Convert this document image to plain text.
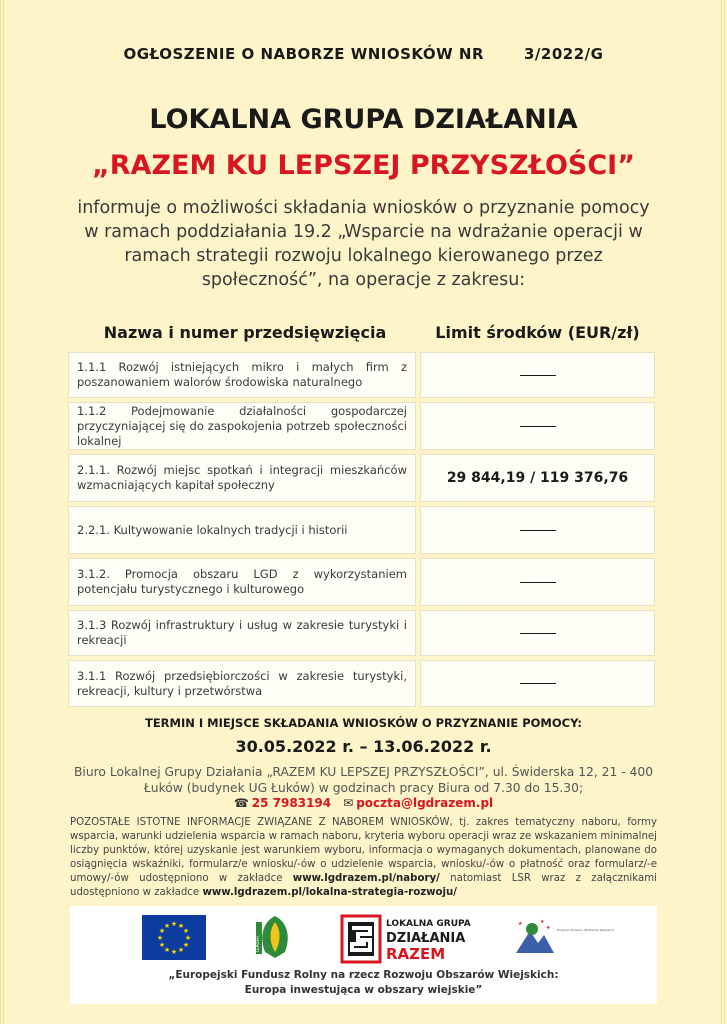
OGŁOSZENIE O NABORZE WNIOSKÓW NR	3/2022/G
LOKALNA GRUPA DZIAŁANIA
„RAZEM KU LEPSZEJ PRZYSZŁOŚCI”
informuje o możliwości składania wniosków o przyznanie pomocy w ramach poddziałania 19.2 „Wsparcie na wdrażanie operacji w ramach strategii rozwoju lokalnego kierowanego przez społeczność”, na operacje z zakresu:
Nazwa i numer przedsięwzięcia	Limit środków (EUR/zł)
1.1.1 Rozwój istniejących mikro i małych firm z poszanowaniem walorów środowiska naturalnego
1.1.2 Podejmowanie działalności gospodarczej przyczyniającej się do zaspokojenia potrzeb społeczności lokalnej
2.1.1. Rozwój miejsc spotkań i integracji mieszkańców wzmacniających kapitał społeczny	29 844,19 / 119 376,76
2.2.1. Kultywowanie lokalnych tradycji i historii
3.1.2. Promocja obszaru LGD z wykorzystaniem potencjału turystycznego i kulturowego
3.1.3 Rozwój infrastruktury i usług w zakresie turystyki i rekreacji
3.1.1 Rozwój przedsiębiorczości w zakresie turystyki, rekreacji, kultury i przetwórstwa
TERMIN I MIEJSCE SKŁADANIA WNIOSKÓW O PRZYZNANIE POMOCY:
30.05.2022 r. – 13.06.2022 r.
Biuro Lokalnej Grupy Działania „RAZEM KU LEPSZEJ PRZYSZŁOŚCI”, ul. Świderska 12, 21 - 400 Łuków (budynek UG Łuków) w godzinach pracy Biura od 7.30 do 15.30;
☎ 25 7983194 ✉ poczta@lgdrazem.pl
POZOSTAŁE ISTOTNE INFORMACJE ZWIĄZANE Z NABOREM WNIOSKÓW, tj. zakres tematyczny naboru, formy wsparcia, warunki udzielenia wsparcia w ramach naboru, kryteria wyboru operacji wraz ze wskazaniem minimalnej liczby punktów, której uzyskanie jest warunkiem wyboru, informacja o wymaganych dokumentach, planowane do osiągnięcia wskaźniki, formularz/e wniosku/-ów o udzielenie wsparcia, wniosku/-ów o płatność oraz formularz/-e umowy/-ów udostępniono w zakładce www.lgdrazem.pl/nabory/ natomiast LSR wraz z załącznikami udostępniono w zakładce www.lgdrazem.pl/lokalna-strategia-rozwoju/
★ ★
★
★
★
★
★
★
★
★
★
★
LEADER
LOKALNA GRUPA
DZIAŁANIA
RAZEM
★	★
★ Program Rozwoju Obszarów Wiejskich
„Europejski Fundusz Rolny na rzecz Rozwoju Obszarów Wiejskich:
Europa inwestująca w obszary wiejskie”
